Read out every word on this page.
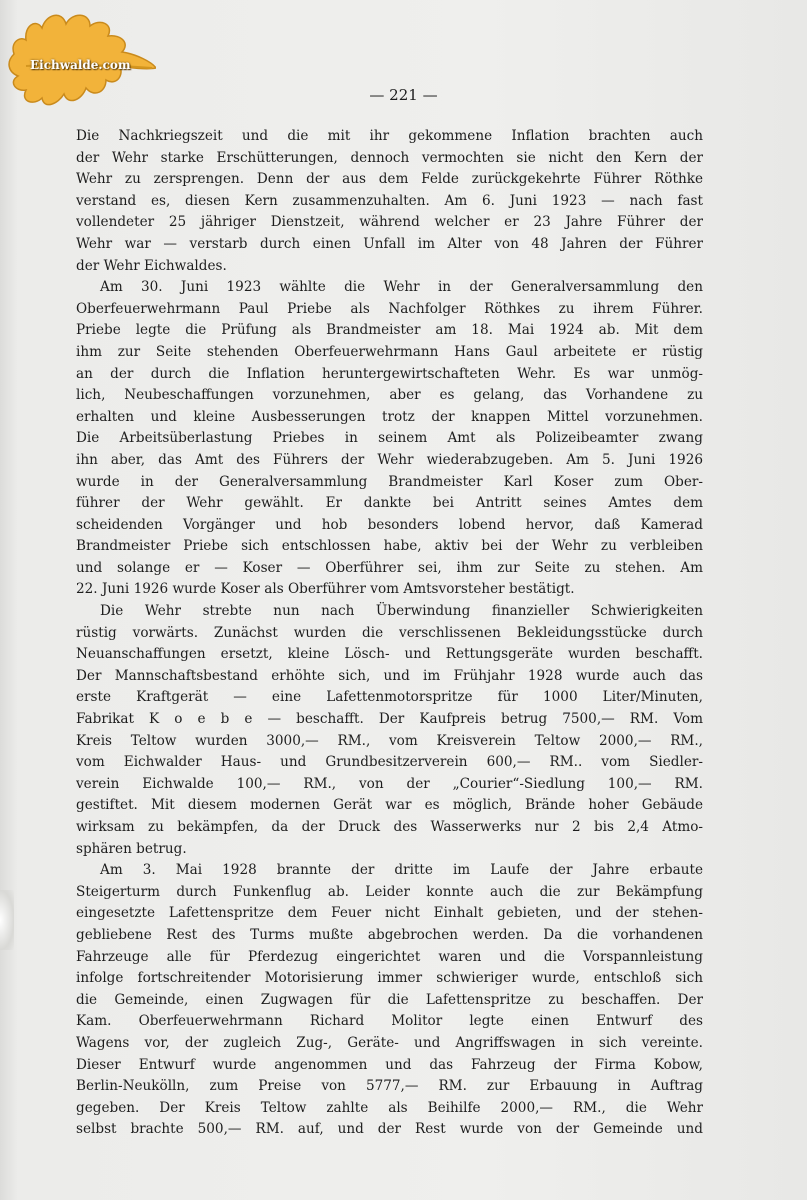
Eichwalde.com
— 221 —
Die Nachkriegszeit und die mit ihr gekommene Inflation brachten auch
der Wehr starke Erschütterungen, dennoch vermochten sie nicht den Kern der
Wehr zu zersprengen. Denn der aus dem Felde zurückgekehrte Führer Röthke
verstand es, diesen Kern zusammenzuhalten. Am 6. Juni 1923 — nach fast
vollendeter 25 jähriger Dienstzeit, während welcher er 23 Jahre Führer der
Wehr war — verstarb durch einen Unfall im Alter von 48 Jahren der Führer
der Wehr Eichwaldes.
Am 30. Juni 1923 wählte die Wehr in der Generalversammlung den
Oberfeuerwehrmann Paul Priebe als Nachfolger Röthkes zu ihrem Führer.
Priebe legte die Prüfung als Brandmeister am 18. Mai 1924 ab. Mit dem
ihm zur Seite stehenden Oberfeuerwehrmann Hans Gaul arbeitete er rüstig
an der durch die Inflation heruntergewirtschafteten Wehr. Es war unmög-
lich, Neubeschaffungen vorzunehmen, aber es gelang, das Vorhandene zu
erhalten und kleine Ausbesserungen trotz der knappen Mittel vorzunehmen.
Die Arbeitsüberlastung Priebes in seinem Amt als Polizeibeamter zwang
ihn aber, das Amt des Führers der Wehr wiederabzugeben. Am 5. Juni 1926
wurde in der Generalversammlung Brandmeister Karl Koser zum Ober-
führer der Wehr gewählt. Er dankte bei Antritt seines Amtes dem
scheidenden Vorgänger und hob besonders lobend hervor, daß Kamerad
Brandmeister Priebe sich entschlossen habe, aktiv bei der Wehr zu verbleiben
und solange er — Koser — Oberführer sei, ihm zur Seite zu stehen. Am
22. Juni 1926 wurde Koser als Oberführer vom Amtsvorsteher bestätigt.
Die Wehr strebte nun nach Überwindung finanzieller Schwierigkeiten
rüstig vorwärts. Zunächst wurden die verschlissenen Bekleidungsstücke durch
Neuanschaffungen ersetzt, kleine Lösch- und Rettungsgeräte wurden beschafft.
Der Mannschaftsbestand erhöhte sich, und im Frühjahr 1928 wurde auch das
erste Kraftgerät — eine Lafettenmotorspritze für 1000 Liter/Minuten,
Fabrikat K o e b e — beschafft. Der Kaufpreis betrug 7500,— RM. Vom
Kreis Teltow wurden 3000,— RM., vom Kreisverein Teltow 2000,— RM.,
vom Eichwalder Haus- und Grundbesitzerverein 600,— RM.. vom Siedler-
verein Eichwalde 100,— RM., von der „Courier“-Siedlung 100,— RM.
gestiftet. Mit diesem modernen Gerät war es möglich, Brände hoher Gebäude
wirksam zu bekämpfen, da der Druck des Wasserwerks nur 2 bis 2,4 Atmo-
sphären betrug.
Am 3. Mai 1928 brannte der dritte im Laufe der Jahre erbaute
Steigerturm durch Funkenflug ab. Leider konnte auch die zur Bekämpfung
eingesetzte Lafettenspritze dem Feuer nicht Einhalt gebieten, und der stehen-
gebliebene Rest des Turms mußte abgebrochen werden. Da die vorhandenen
Fahrzeuge alle für Pferdezug eingerichtet waren und die Vorspannleistung
infolge fortschreitender Motorisierung immer schwieriger wurde, entschloß sich
die Gemeinde, einen Zugwagen für die Lafettenspritze zu beschaffen. Der
Kam. Oberfeuerwehrmann Richard Molitor legte einen Entwurf des
Wagens vor, der zugleich Zug-, Geräte- und Angriffswagen in sich vereinte.
Dieser Entwurf wurde angenommen und das Fahrzeug der Firma Kobow,
Berlin-Neukölln, zum Preise von 5777,— RM. zur Erbauung in Auftrag
gegeben. Der Kreis Teltow zahlte als Beihilfe 2000,— RM., die Wehr
selbst brachte 500,— RM. auf, und der Rest wurde von der Gemeinde und
